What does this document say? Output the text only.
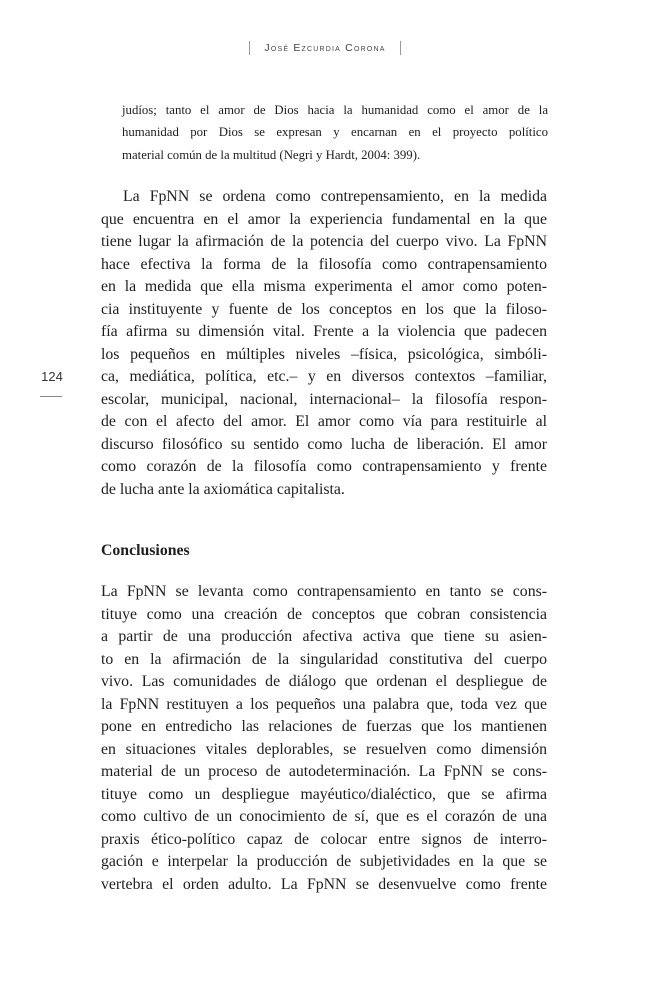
José Ezcurdia Corona
124
judíos; tanto el amor de Dios hacia la humanidad como el amor de la
humanidad por Dios se expresan y encarnan en el proyecto político
material común de la multitud (Negri y Hardt, 2004: 399).
La FpNN se ordena como contrepensamiento, en la medida
que encuentra en el amor la experiencia fundamental en la que
tiene lugar la afirmación de la potencia del cuerpo vivo. La FpNN
hace efectiva la forma de la filosofía como contrapensamiento
en la medida que ella misma experimenta el amor como poten-
cia instituyente y fuente de los conceptos en los que la filoso-
fía afirma su dimensión vital. Frente a la violencia que padecen
los pequeños en múltiples niveles –física, psicológica, simbóli-
ca, mediática, política, etc.– y en diversos contextos –familiar,
escolar, municipal, nacional, internacional– la filosofía respon-
de con el afecto del amor. El amor como vía para restituirle al
discurso filosófico su sentido como lucha de liberación. El amor
como corazón de la filosofía como contrapensamiento y frente
de lucha ante la axiomática capitalista.
Conclusiones
La FpNN se levanta como contrapensamiento en tanto se cons-
tituye como una creación de conceptos que cobran consistencia
a partir de una producción afectiva activa que tiene su asien-
to en la afirmación de la singularidad constitutiva del cuerpo
vivo. Las comunidades de diálogo que ordenan el despliegue de
la FpNN restituyen a los pequeños una palabra que, toda vez que
pone en entredicho las relaciones de fuerzas que los mantienen
en situaciones vitales deplorables, se resuelven como dimensión
material de un proceso de autodeterminación. La FpNN se cons-
tituye como un despliegue mayéutico/dialéctico, que se afirma
como cultivo de un conocimiento de sí, que es el corazón de una
praxis ético-político capaz de colocar entre signos de interro-
gación e interpelar la producción de subjetividades en la que se
vertebra el orden adulto. La FpNN se desenvuelve como frente
